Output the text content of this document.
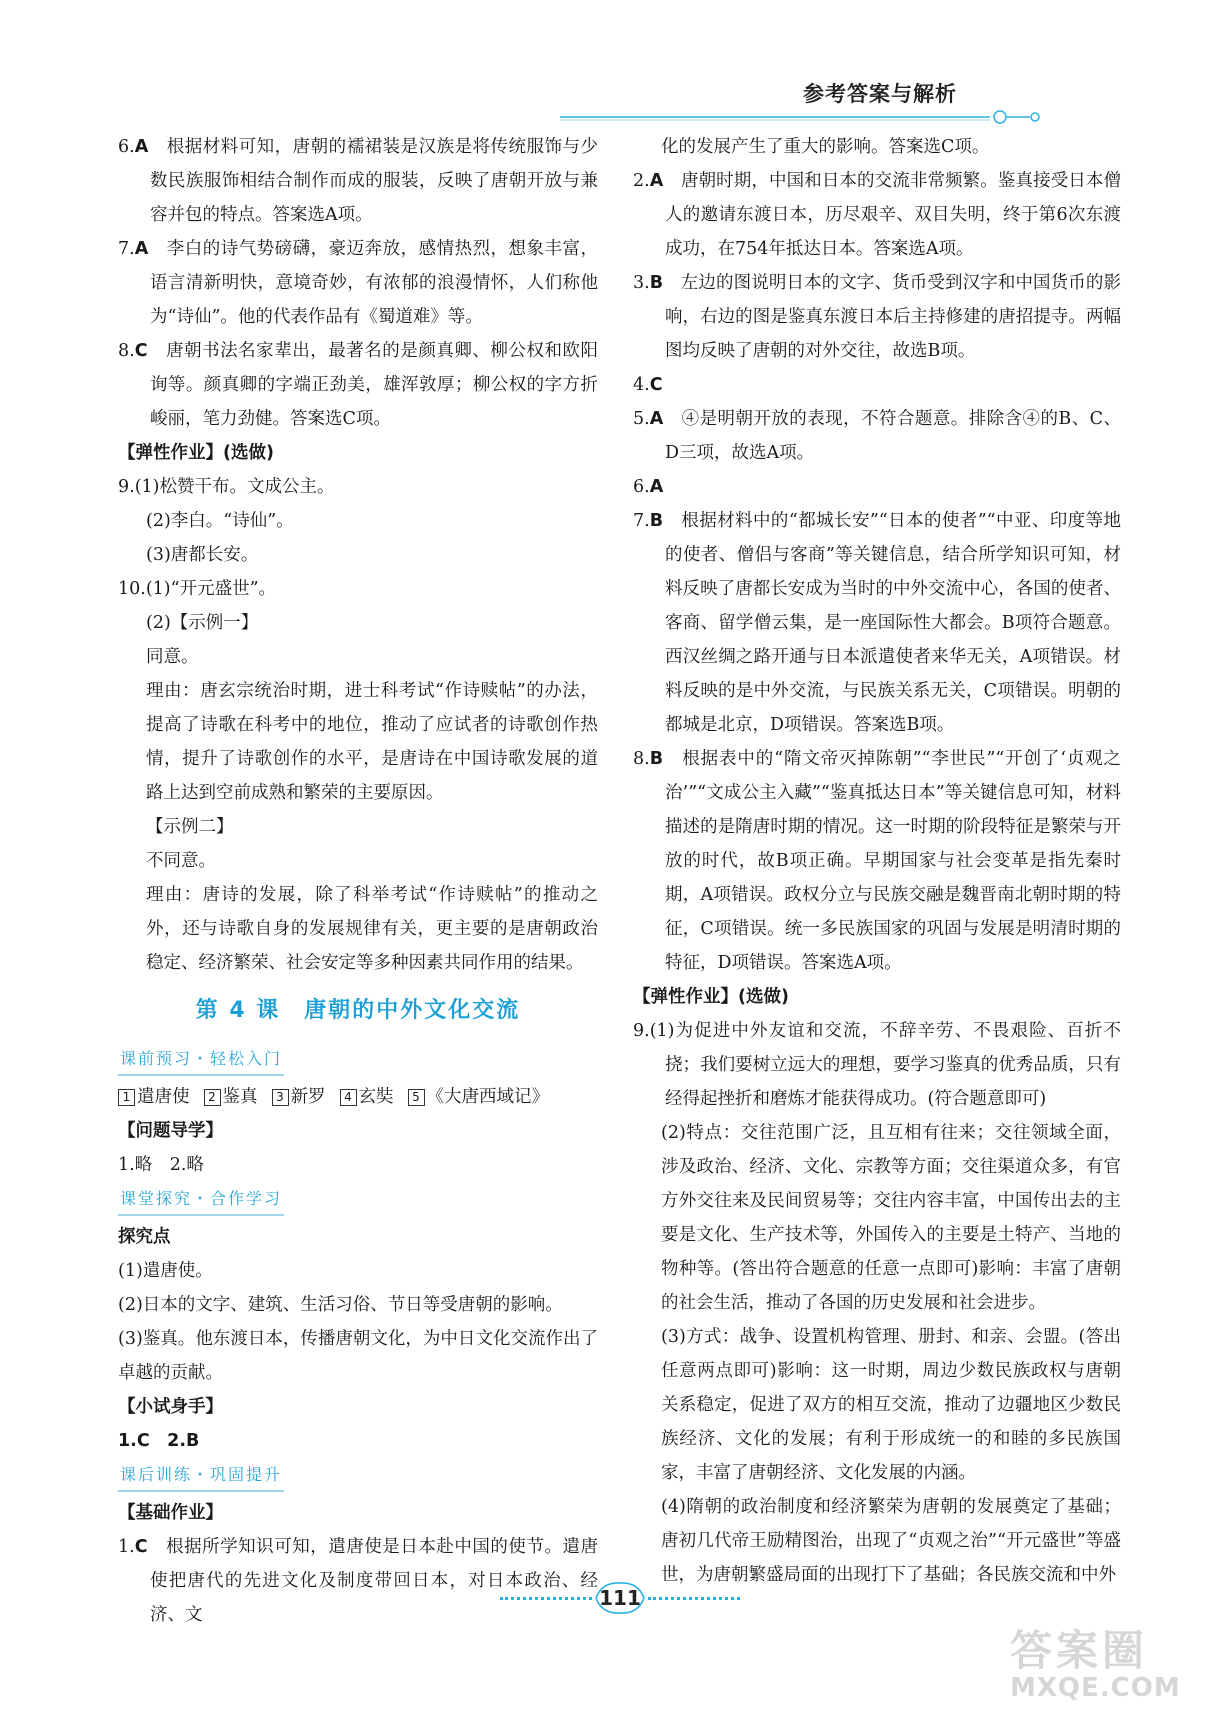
参考答案与解析
6.A　 根据材料可知，唐朝的襦裙装是汉族是将传统服饰与少数民族服饰相结合制作而成的服装，反映了唐朝开放与兼容并包的特点。答案选A项。
7.A　 李白的诗气势磅礴，豪迈奔放，感情热烈，想象丰富，语言清新明快，意境奇妙，有浓郁的浪漫情怀，人们称他为“诗仙”。他的代表作品有《蜀道难》等。
8.C　 唐朝书法名家辈出，最著名的是颜真卿、柳公权和欧阳询等。颜真卿的字端正劲美，雄浑敦厚；柳公权的字方折峻丽，笔力劲健。答案选C项。
【弹性作业】(选做)
9.(1)松赞干布。文成公主。
(2)李白。“诗仙”。
(3)唐都长安。
10.(1)“开元盛世”。
(2)【示例一】
同意。
理由：唐玄宗统治时期，进士科考试“作诗赎帖”的办法，提高了诗歌在科考中的地位，推动了应试者的诗歌创作热情，提升了诗歌创作的水平，是唐诗在中国诗歌发展的道路上达到空前成熟和繁荣的主要原因。
【示例二】
不同意。
理由：唐诗的发展，除了科举考试“作诗赎帖”的推动之外，还与诗歌自身的发展规律有关，更主要的是唐朝政治稳定、经济繁荣、社会安定等多种因素共同作用的结果。
第 4 课　唐朝的中外文化交流
课前预习・轻松入门
1 遣唐使 2 鉴真 3 新罗 4 玄奘 5 《大唐西域记》
【问题导学】
1.略　2.略
课堂探究・合作学习
探究点
(1)遣唐使。
(2)日本的文字、建筑、生活习俗、节日等受唐朝的影响。
(3)鉴真。他东渡日本，传播唐朝文化，为中日文化交流作出了卓越的贡献。
【小试身手】
1.C　2.B
课后训练・巩固提升
【基础作业】
1.C　 根据所学知识可知，遣唐使是日本赴中国的使节。遣唐使把唐代的先进文化及制度带回日本，对日本政治、经济、文
化的发展产生了重大的影响。答案选C项。
2.A　 唐朝时期，中国和日本的交流非常频繁。鉴真接受日本僧人的邀请东渡日本，历尽艰辛、双目失明，终于第6次东渡成功，在754年抵达日本。答案选A项。
3.B　 左边的图说明日本的文字、货币受到汉字和中国货币的影响，右边的图是鉴真东渡日本后主持修建的唐招提寺。两幅图均反映了唐朝的对外交往，故选B项。
4.C
5.A　 ④是明朝开放的表现，不符合题意。排除含④的B、C、D三项，故选A项。
6.A
7.B　 根据材料中的“都城长安”“日本的使者”“中亚、印度等地的使者、僧侣与客商”等关键信息，结合所学知识可知，材料反映了唐都长安成为当时的中外交流中心，各国的使者、客商、留学僧云集，是一座国际性大都会。B项符合题意。西汉丝绸之路开通与日本派遣使者来华无关，A项错误。材料反映的是中外交流，与民族关系无关，C项错误。明朝的都城是北京，D项错误。答案选B项。
8.B　 根据表中的“隋文帝灭掉陈朝”“李世民”“开创了‘贞观之治’”“文成公主入藏”“鉴真抵达日本”等关键信息可知，材料描述的是隋唐时期的情况。这一时期的阶段特征是繁荣与开放的时代，故B项正确。早期国家与社会变革是指先秦时期，A项错误。政权分立与民族交融是魏晋南北朝时期的特征，C项错误。统一多民族国家的巩固与发展是明清时期的特征，D项错误。答案选A项。
【弹性作业】(选做)
9.(1)为促进中外友谊和交流，不辞辛劳、不畏艰险、百折不挠；我们要树立远大的理想，要学习鉴真的优秀品质，只有经得起挫折和磨炼才能获得成功。(符合题意即可)
(2)特点：交往范围广泛，且互相有往来；交往领域全面，涉及政治、经济、文化、宗教等方面；交往渠道众多，有官方外交往来及民间贸易等；交往内容丰富，中国传出去的主要是文化、生产技术等，外国传入的主要是土特产、当地的物种等。(答出符合题意的任意一点即可)影响：丰富了唐朝的社会生活，推动了各国的历史发展和社会进步。
(3)方式：战争、设置机构管理、册封、和亲、会盟。(答出任意两点即可)影响：这一时期，周边少数民族政权与唐朝关系稳定，促进了双方的相互交流，推动了边疆地区少数民族经济、文化的发展；有利于形成统一的和睦的多民族国家，丰富了唐朝经济、文化发展的内涵。
(4)隋朝的政治制度和经济繁荣为唐朝的发展奠定了基础；唐初几代帝王励精图治，出现了“贞观之治”“开元盛世”等盛世，为唐朝繁盛局面的出现打下了基础；各民族交流和中外
111
答案圈
MXQE.COM
